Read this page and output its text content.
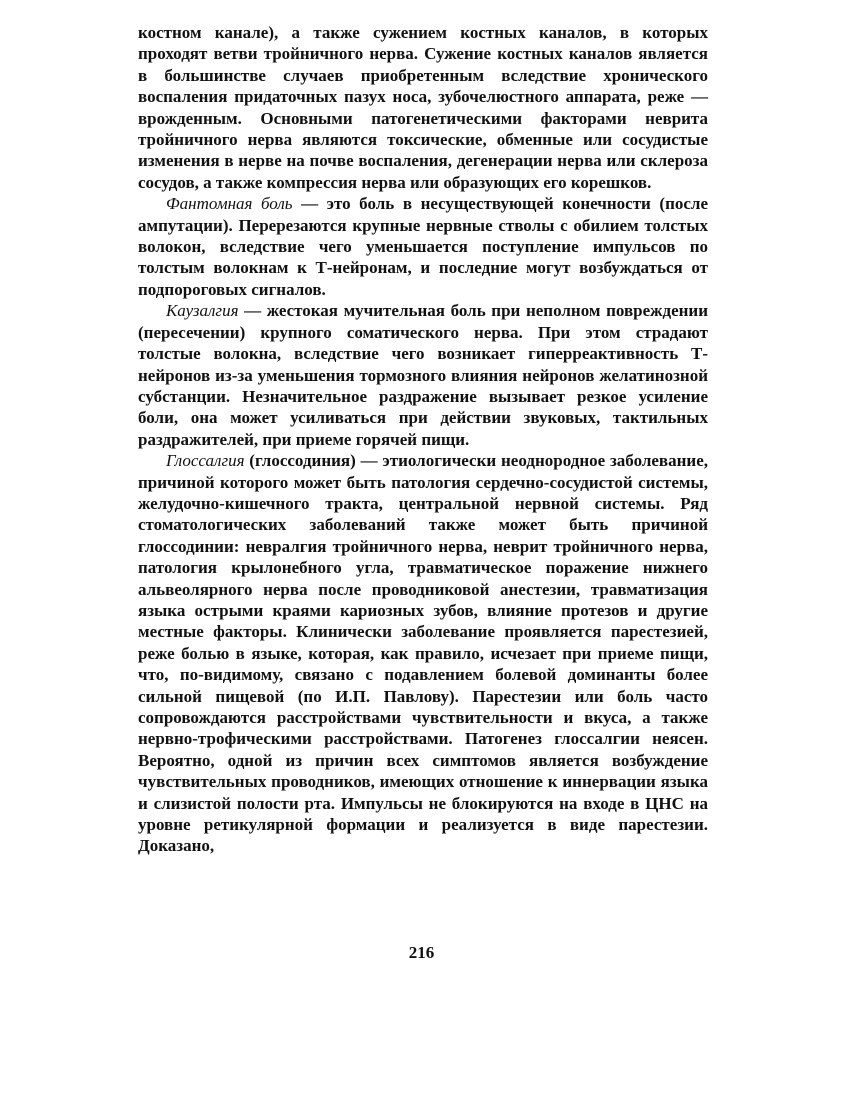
костном канале), а также сужением костных каналов, в которых проходят ветви тройничного нерва. Сужение костных каналов является в большинстве случаев приобретенным вследствие хронического воспаления придаточных пазух носа, зубочелюстного аппарата, реже — врожденным. Основными патогенетическими факторами неврита тройничного нерва являются токсические, обменные или сосудистые изменения в нерве на почве воспаления, дегенерации нерва или склероза сосудов, а также компрессия нерва или образующих его корешков.

Фантомная боль — это боль в несуществующей конечности (после ампутации). Перерезаются крупные нервные стволы с обилием толстых волокон, вследствие чего уменьшается поступление импульсов по толстым волокнам к Т-нейронам, и последние могут возбуждаться от подпороговых сигналов.

Каузалгия — жестокая мучительная боль при неполном повреждении (пересечении) крупного соматического нерва. При этом страдают толстые волокна, вследствие чего возникает гиперреактивность Т-нейронов из-за уменьшения тормозного влияния нейронов желатинозной субстанции. Незначительное раздражение вызывает резкое усиление боли, она может усиливаться при действии звуковых, тактильных раздражителей, при приеме горячей пищи.

Глоссалгия (глоссодиния) — этиологически неоднородное заболевание, причиной которого может быть патология сердечно-сосудистой системы, желудочно-кишечного тракта, центральной нервной системы. Ряд стоматологических заболеваний также может быть причиной глоссодинии: невралгия тройничного нерва, неврит тройничного нерва, патология крылонебного угла, травматическое поражение нижнего альвеолярного нерва после проводниковой анестезии, травматизация языка острыми краями кариозных зубов, влияние протезов и другие местные факторы. Клинически заболевание проявляется парестезией, реже болью в языке, которая, как правило, исчезает при приеме пищи, что, по-видимому, связано с подавлением болевой доминанты более сильной пищевой (по И.П. Павлову). Парестезии или боль часто сопровождаются расстройствами чувствительности и вкуса, а также нервно-трофическими расстройствами. Патогенез глоссалгии неясен. Вероятно, одной из причин всех симптомов является возбуждение чувствительных проводников, имеющих отношение к иннервации языка и слизистой полости рта. Импульсы не блокируются на входе в ЦНС на уровне ретикулярной формации и реализуется в виде парестезии. Доказано,

216
